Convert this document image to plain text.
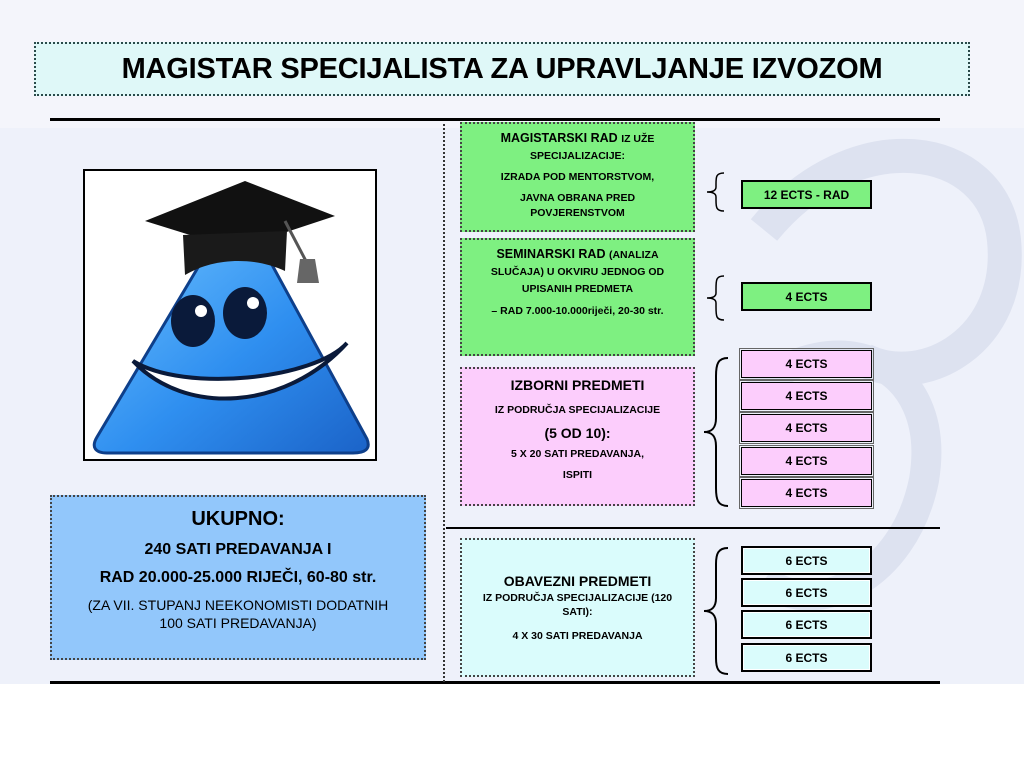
MAGISTAR SPECIJALISTA ZA UPRAVLJANJE IZVOZOM

MAGISTARSKI RAD IZ UŽE SPECIJALIZACIJE:

IZRADA POD MENTORSTVOM,

JAVNA OBRANA PRED POVJERENSTVOM

SEMINARSKI RAD (ANALIZA SLUČAJA) U OKVIRU JEDNOG OD UPISANIH PREDMETA

– RAD 7.000-10.000riječi, 20-30 str.

IZBORNI PREDMETI

IZ PODRUČJA SPECIJALIZACIJE

(5 OD 10):

5 X 20 SATI PREDAVANJA,

ISPITI

OBAVEZNI PREDMETI

IZ PODRUČJA SPECIJALIZACIJE (120 SATI):

4 X 30 SATI PREDAVANJA

UKUPNO:

240 SATI PREDAVANJA I

RAD 20.000-25.000 RIJEČI, 60-80 str.

(ZA VII. STUPANJ NEEKONOMISTI DODATNIH 100 SATI PREDAVANJA)

12 ECTS - RAD
4 ECTS
4 ECTS
4 ECTS
4 ECTS
4 ECTS
4 ECTS
6 ECTS
6 ECTS
6 ECTS
6 ECTS
